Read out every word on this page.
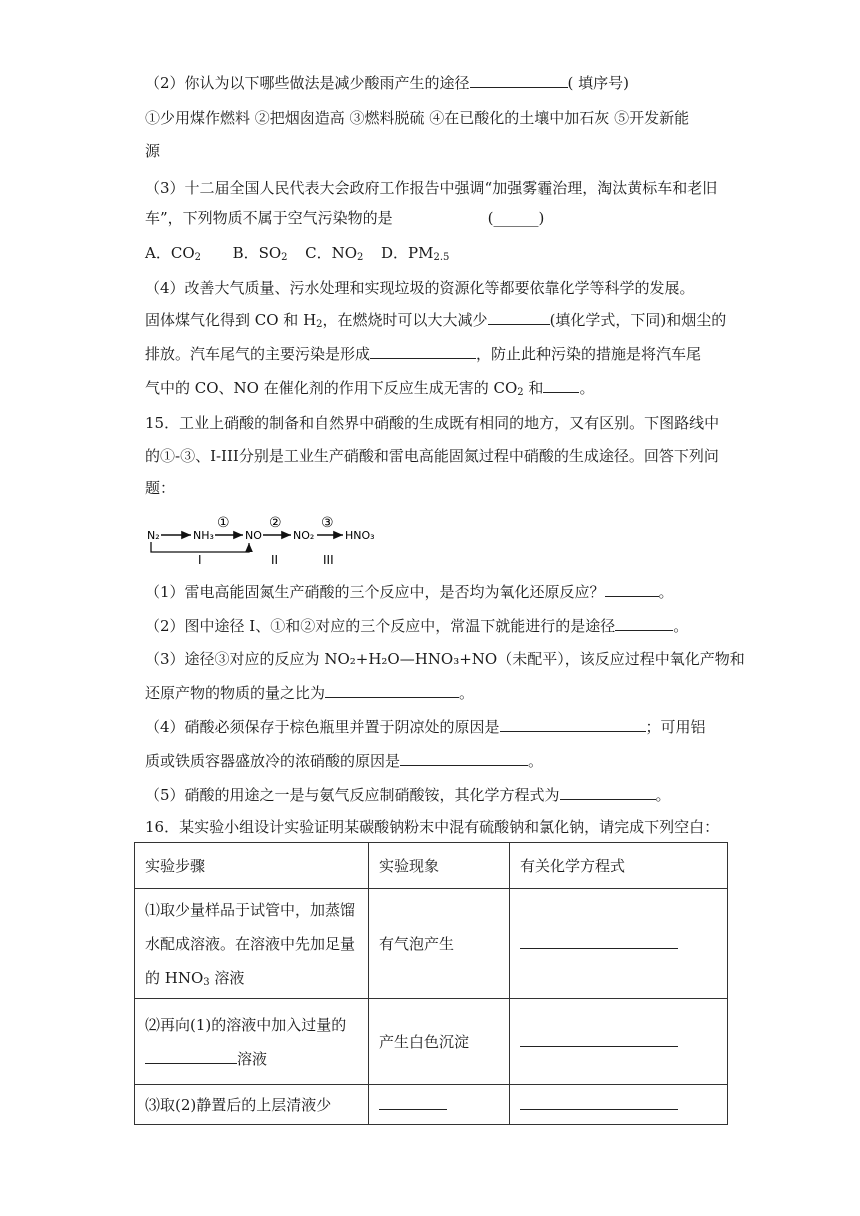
（2）你认为以下哪些做法是减少酸雨产生的途径	( 填序号)
①少用煤作燃料 ②把烟囱造高 ③燃料脱硫 ④在已酸化的土壤中加石灰 ⑤开发新能
源
（3）十二届全国人民代表大会政府工作报告中强调“加强雾霾治理，淘汰黄标车和老旧
车”，下列物质不属于空气污染物的是	(______)
A．$CO_2$ B．$SO_2$ C．$NO_2$ D．$PM_{2.5}$
（4）改善大气质量、污水处理和实现垃圾的资源化等都要依靠化学等科学的发展。
固体煤气化得到 CO 和 $H_2$，在燃烧时可以大大减少	(填化学式，下同)和烟尘的
排放。汽车尾气的主要污染是形成	，防止此种污染的措施是将汽车尾
气中的 CO、NO 在催化剂的作用下反应生成无害的 $CO_2$ 和 。
15．工业上硝酸的制备和自然界中硝酸的生成既有相同的地方，又有区别。下图路线中
的①-③、I-III分别是工业生产硝酸和雷电高能固氮过程中硝酸的生成途径。回答下列问
题：
N₂	NH₃
①
NO
②
NO₂
③
HNO₃
I	II	III
（1）雷电高能固氮生产硝酸的三个反应中，是否均为氧化还原反应？	。
（2）图中途径 I、①和②对应的三个反应中，常温下就能进行的是途径	。
（3）途径③对应的反应为 NO₂+H₂O—HNO₃+NO（未配平），该反应过程中氧化产物和
还原产物的物质的量之比为	。
（4）硝酸必须保存于棕色瓶里并置于阴凉处的原因是	；可用铝
质或铁质容器盛放冷的浓硝酸的原因是	。
（5）硝酸的用途之一是与氨气反应制硝酸铵，其化学方程式为	。
16．某实验小组设计实验证明某碳酸钠粉末中混有硫酸钠和氯化钠，请完成下列空白：
实验步骤	实验现象	有关化学方程式

⑴取少量样品于试管中，加蒸馏
水配成溶液。在溶液中先加足量
的 $HNO_3$ 溶液	有气泡产生	

⑵再向(1)的溶液中加入过量的
溶液	产生白色沉淀	
⑶取(2)静置后的上层清液少		
